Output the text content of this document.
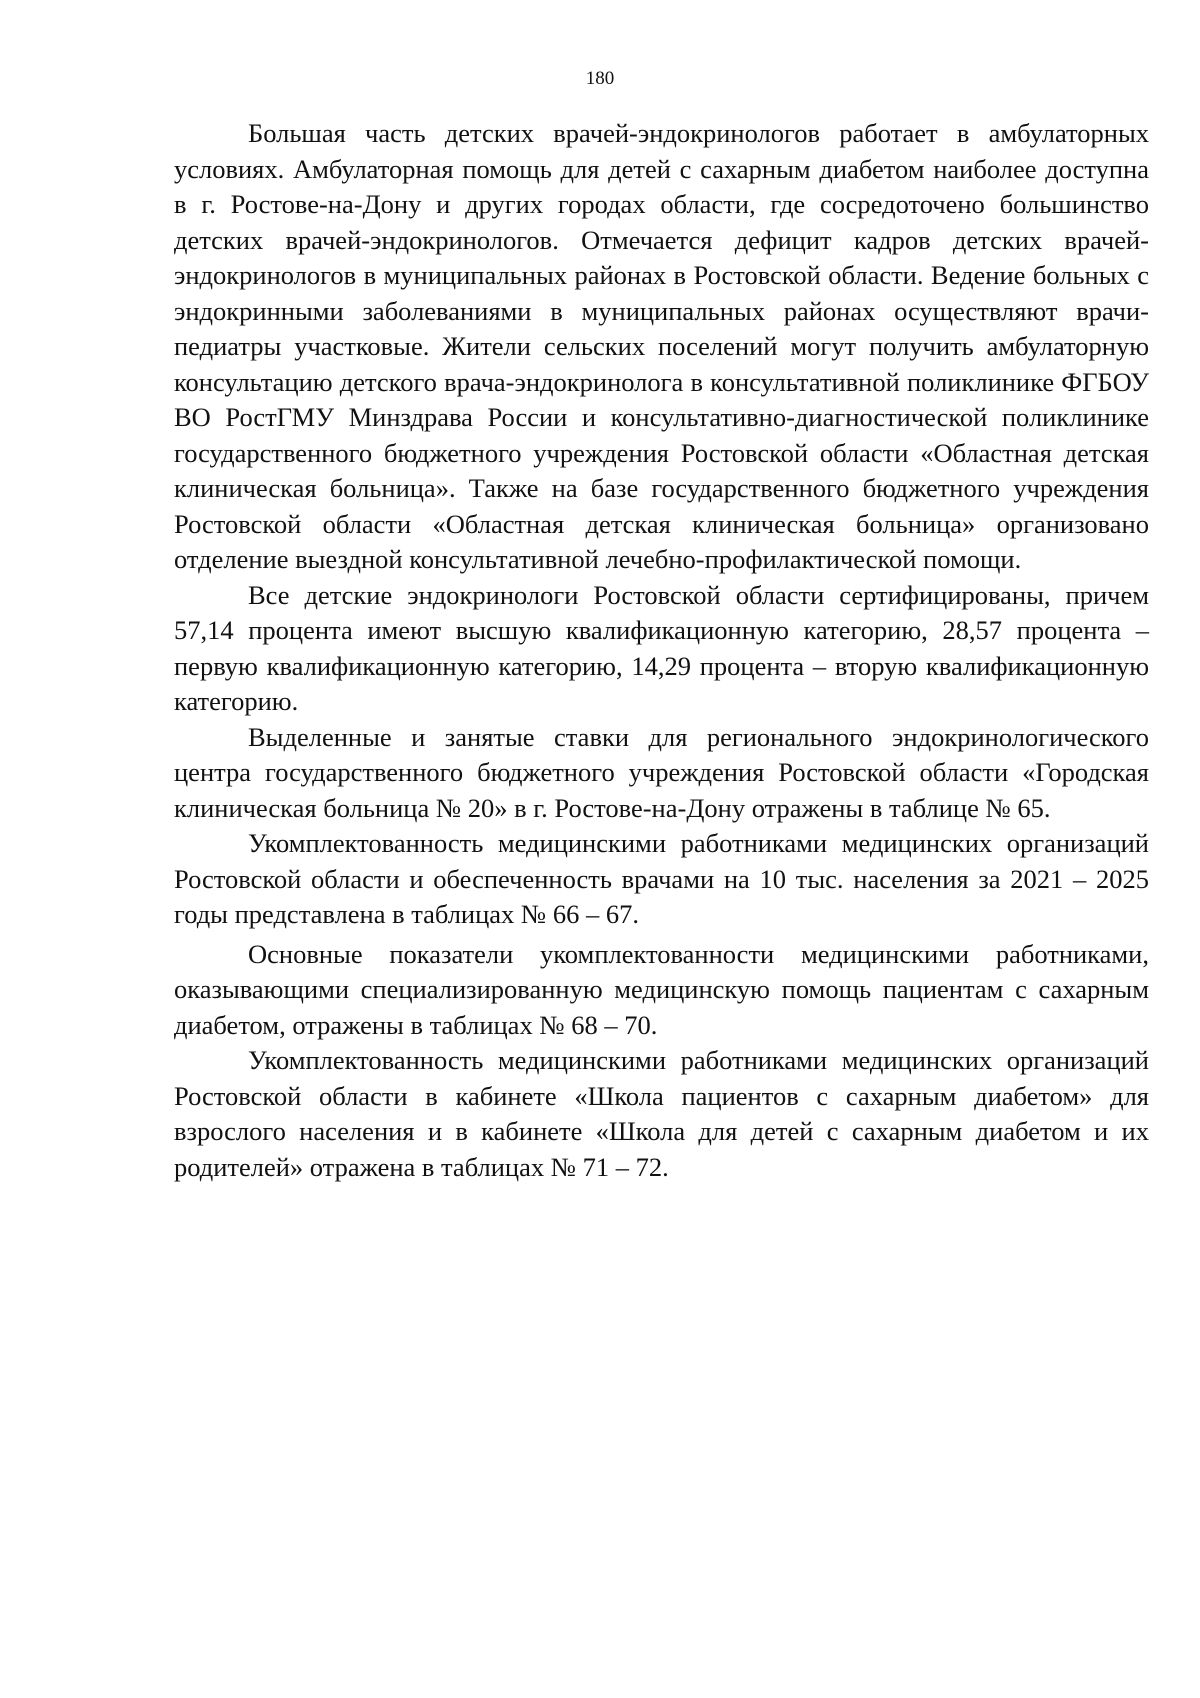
180

Большая часть детских врачей-эндокринологов работает в амбулаторных условиях. Амбулаторная помощь для детей с сахарным диабетом наиболее доступна в г. Ростове-на-Дону и других городах области, где сосредоточено большинство детских врачей-эндокринологов. Отмечается дефицит кадров детских врачей-эндокринологов в муниципальных районах в Ростовской области. Ведение больных с эндокринными заболеваниями в муниципальных районах осуществляют врачи-педиатры участковые. Жители сельских поселений могут получить амбулаторную консультацию детского врача-эндокринолога в консультативной поликлинике ФГБОУ ВО РостГМУ Минздрава России и консультативно-диагностической поликлинике государственного бюджетного учреждения Ростовской области «Областная детская клиническая больница». Также на базе государственного бюджетного учреждения Ростовской области «Областная детская клиническая больница» организовано отделение выездной консультативной лечебно-профилактической помощи.

Все детские эндокринологи Ростовской области сертифицированы, причем 57,14 процента имеют высшую квалификационную категорию, 28,57 процента – первую квалификационную категорию, 14,29 процента – вторую квалификационную категорию.

Выделенные и занятые ставки для регионального эндокринологического центра государственного бюджетного учреждения Ростовской области «Городская клиническая больница № 20» в г. Ростове-на-Дону отражены в таблице № 65.

Укомплектованность медицинскими работниками медицинских организаций Ростовской области и обеспеченность врачами на 10 тыс. населения за 2021 – 2025 годы представлена в таблицах № 66 – 67.

Основные показатели укомплектованности медицинскими работниками, оказывающими специализированную медицинскую помощь пациентам с сахарным диабетом, отражены в таблицах № 68 – 70.

Укомплектованность медицинскими работниками медицинских организаций Ростовской области в кабинете «Школа пациентов с сахарным диабетом» для взрослого населения и в кабинете «Школа для детей с сахарным диабетом и их родителей» отражена в таблицах № 71 – 72.
